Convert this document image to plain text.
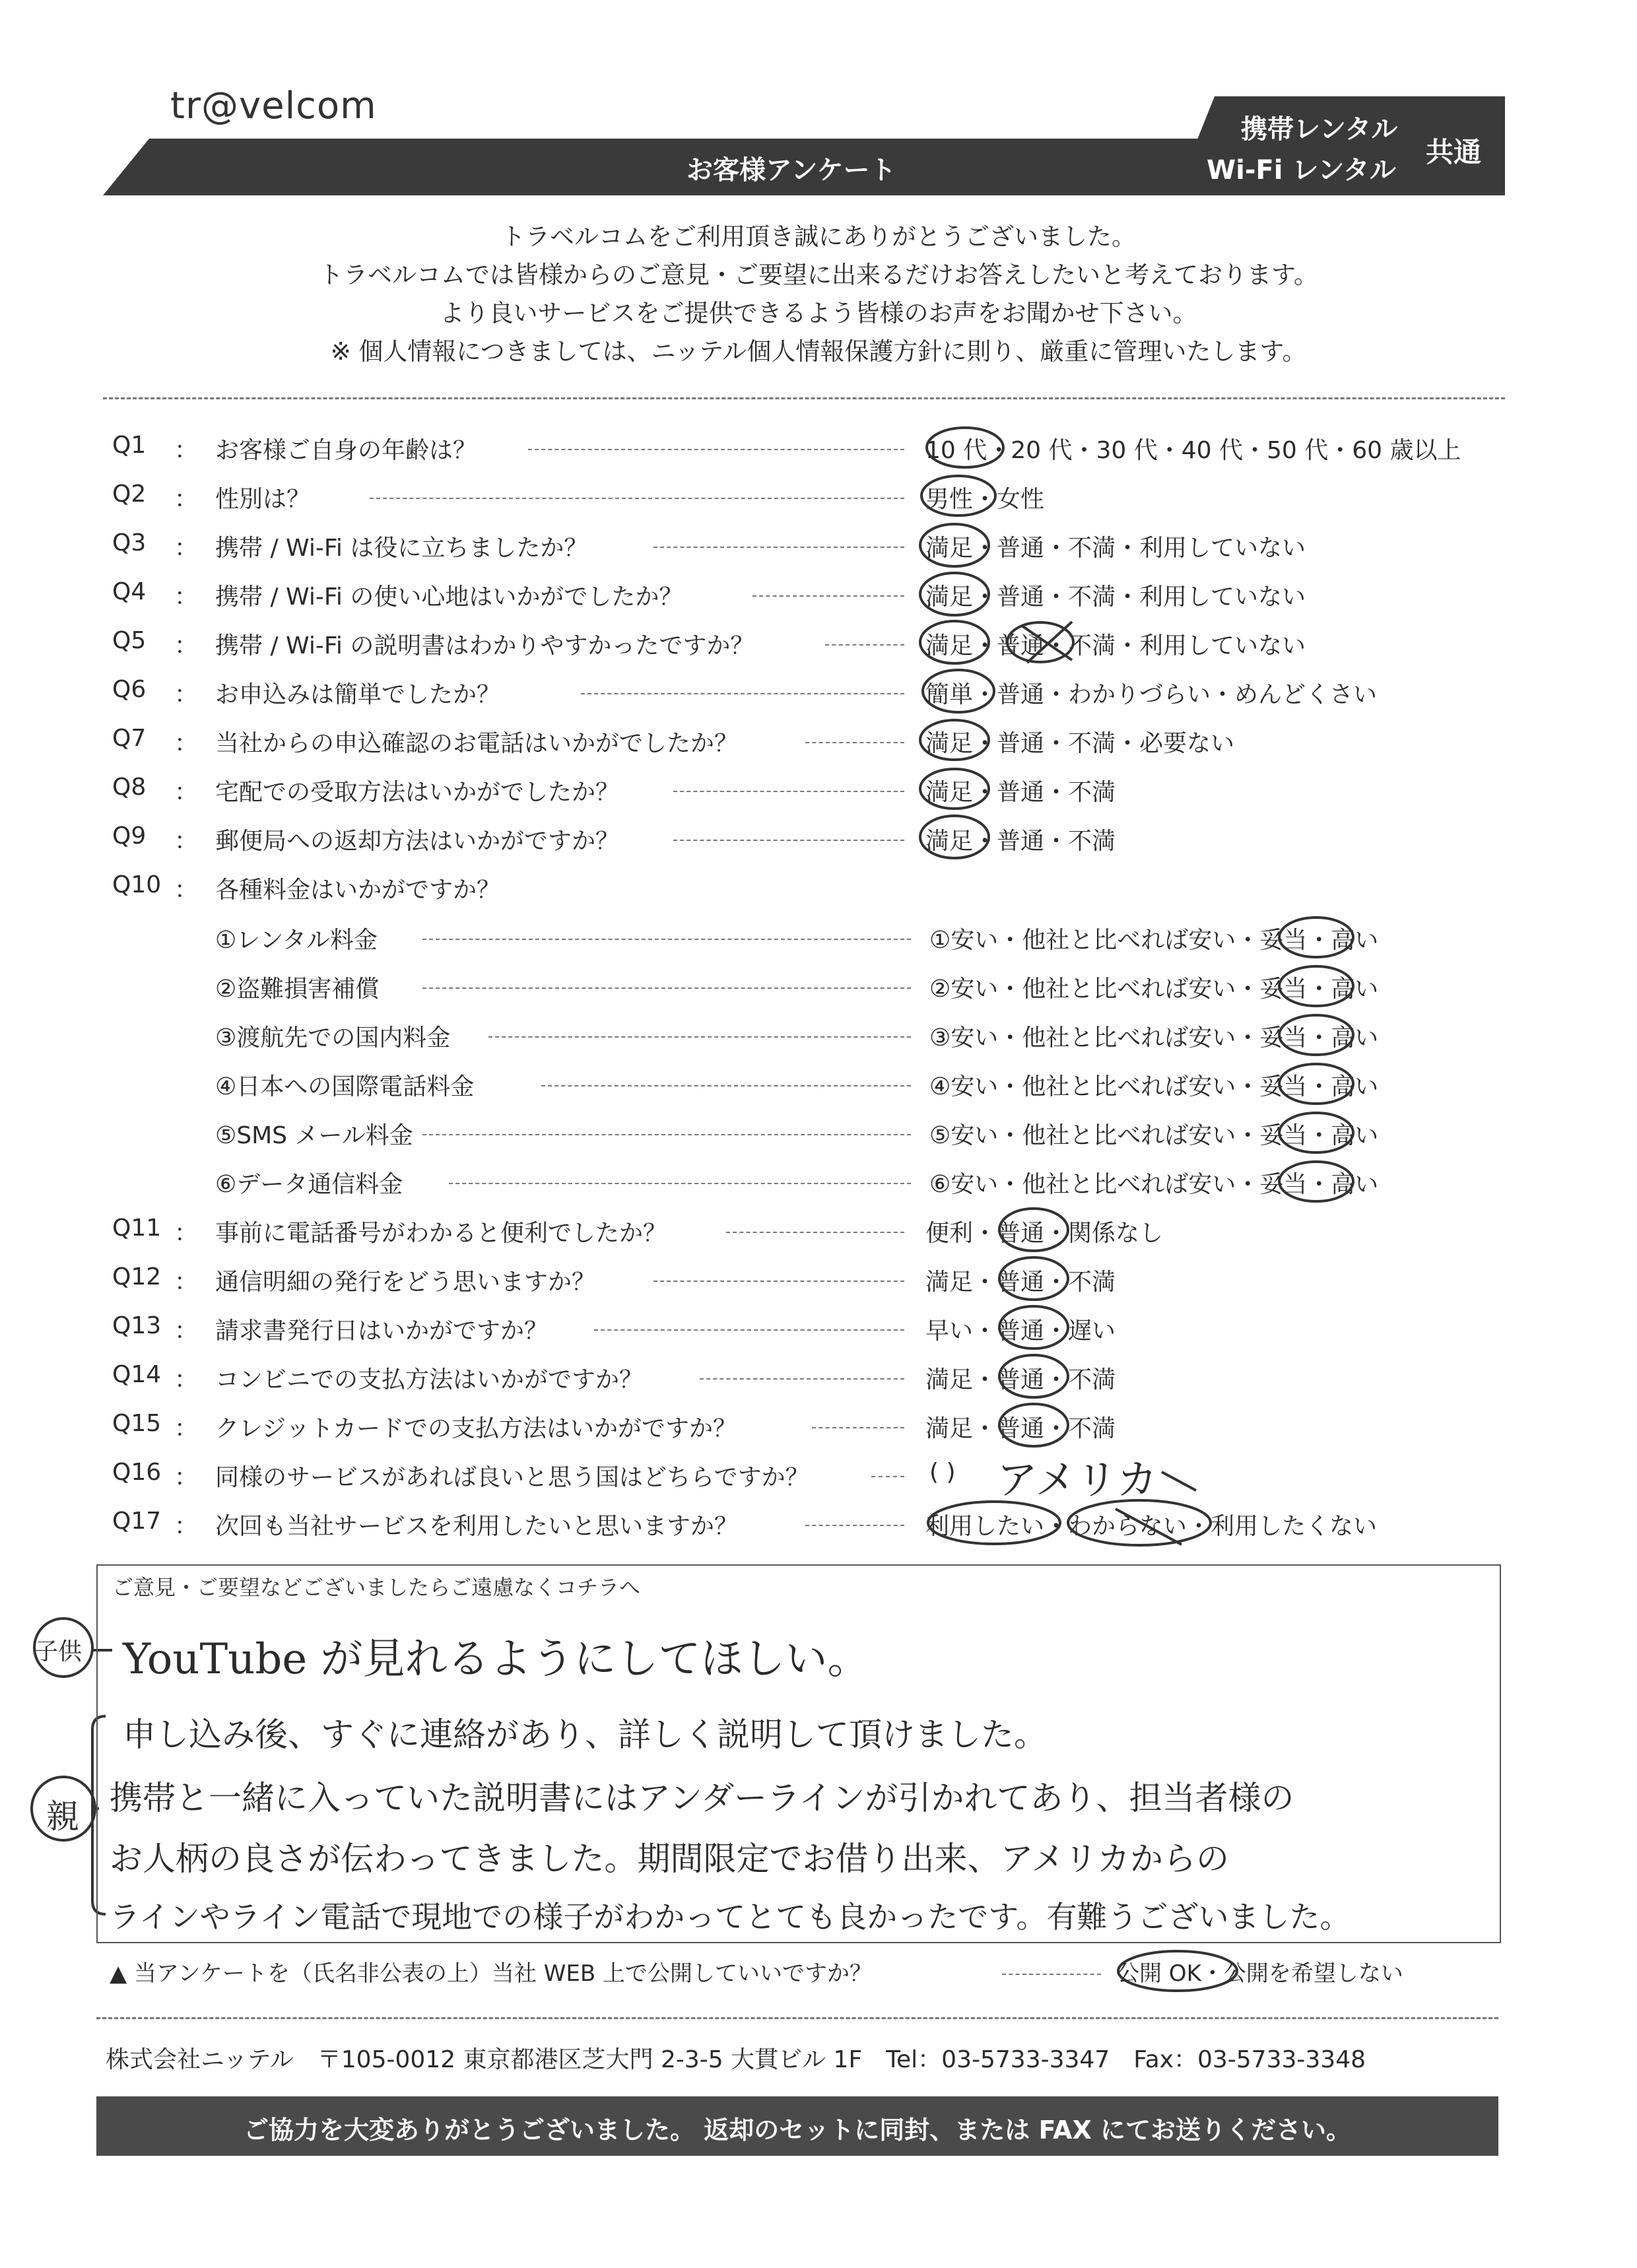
tr@velcom
携帯レンタル
Wi-Fi レンタル
共通
お客様アンケート
トラベルコムをご利用頂き誠にありがとうございました。
トラベルコムでは皆様からのご意見・ご要望に出来るだけお答えしたいと考えております。
より良いサービスをご提供できるよう皆様のお声をお聞かせ下さい。
※ 個人情報につきましては、ニッテル個人情報保護方針に則り、厳重に管理いたします。
Q1 ： お客様ご自身の年齢は？	10 代・20 代・30 代・40 代・50 代・60 歳以上
Q2 ： 性別は？	男性・女性
Q3 ： 携帯 / Wi-Fi は役に立ちましたか？	満足・普通・不満・利用していない
Q4 ： 携帯 / Wi-Fi の使い心地はいかがでしたか？	満足・普通・不満・利用していない
Q5 ： 携帯 / Wi-Fi の説明書はわかりやすかったですか？	満足・普通・不満・利用していない
Q6 ： お申込みは簡単でしたか？	簡単・普通・わかりづらい・めんどくさい
Q7 ： 当社からの申込確認のお電話はいかがでしたか？	満足・普通・不満・必要ない
Q8 ： 宅配での受取方法はいかがでしたか？	満足・普通・不満
Q9 ： 郵便局への返却方法はいかがですか？	満足・普通・不満
Q10 ： 各種料金はいかがですか？
①レンタル料金	①安い・他社と比べれば安い・妥当・高い
②盗難損害補償	②安い・他社と比べれば安い・妥当・高い
③渡航先での国内料金	③安い・他社と比べれば安い・妥当・高い
④日本への国際電話料金	④安い・他社と比べれば安い・妥当・高い
⑤SMS メール料金	⑤安い・他社と比べれば安い・妥当・高い
⑥データ通信料金	⑥安い・他社と比べれば安い・妥当・高い
Q11 ： 事前に電話番号がわかると便利でしたか？	便利・普通・関係なし
Q12 ： 通信明細の発行をどう思いますか？	満足・普通・不満
Q13 ： 請求書発行日はいかがですか？	早い・普通・遅い
Q14 ： コンビニでの支払方法はいかがですか？	満足・普通・不満
Q15 ： クレジットカードでの支払方法はいかがですか？	満足・普通・不満
Q16 ： 同様のサービスがあれば良いと思う国はどちらですか？	( )
Q17 ： 次回も当社サービスを利用したいと思いますか？	利用したい・わからない・利用したくない
アメリカ
ご意見・ご要望などございましたらご遠慮なくコチラへ
子供
親
YouTube が見れるようにしてほしい。
申し込み後、すぐに連絡があり、詳しく説明して頂けました。
携帯と一緒に入っていた説明書にはアンダーラインが引かれてあり、担当者様の
お人柄の良さが伝わってきました。期間限定でお借り出来、アメリカからの
ラインやライン電話で現地での様子がわかってとても良かったです。有難うございました。
▲ 当アンケートを（氏名非公表の上）当社 WEB 上で公開していいですか？	公開 OK・公開を希望しない
株式会社ニッテル　〒105-0012 東京都港区芝大門 2-3-5 大貫ビル 1F　Tel：03-5733-3347　Fax：03-5733-3348
ご協力を大変ありがとうございました。 返却のセットに同封、または FAX にてお送りください。
